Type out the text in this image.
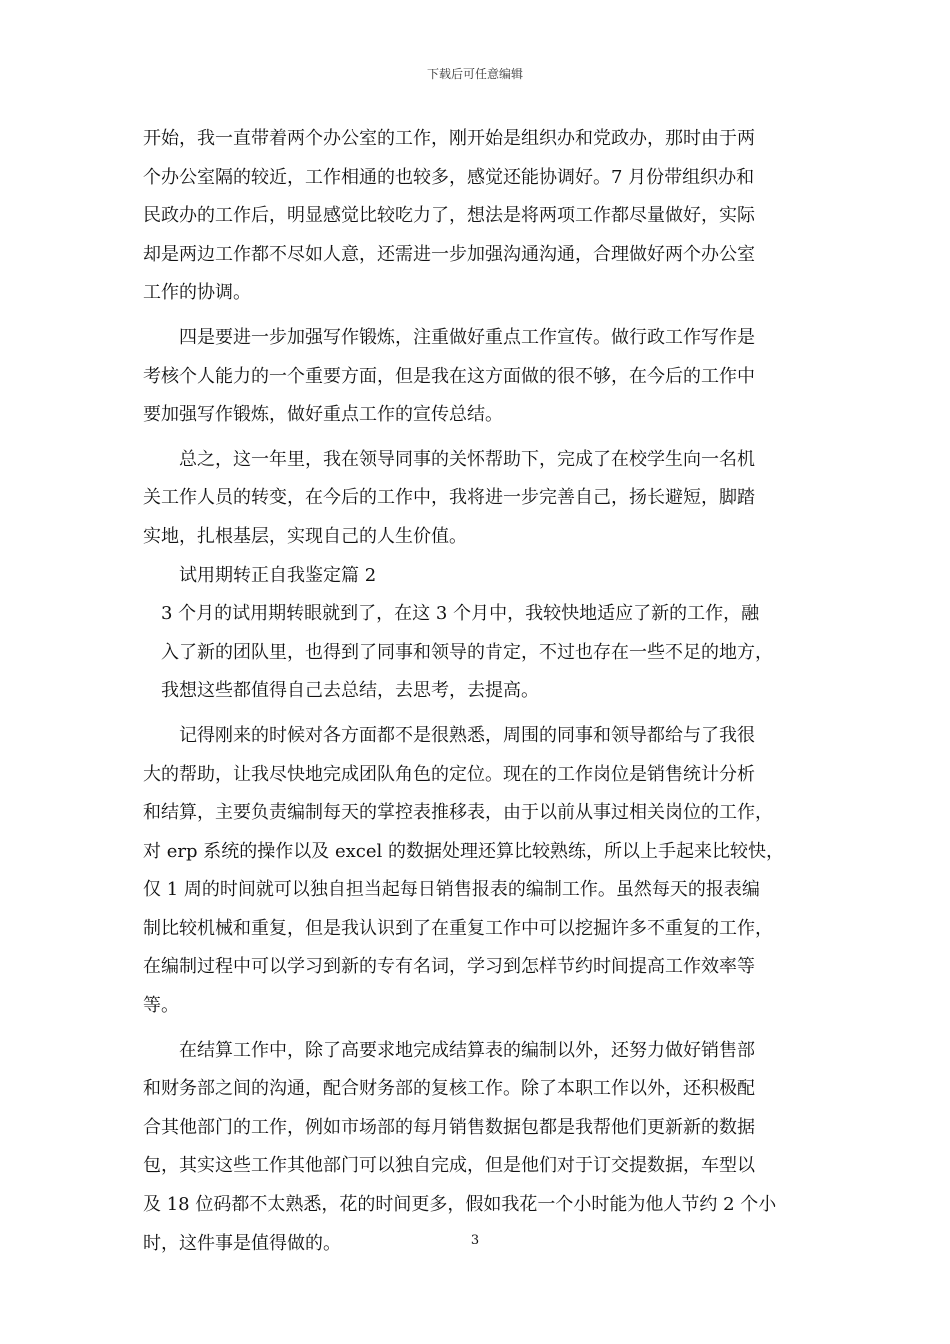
下载后可任意编辑
开始，我一直带着两个办公室的工作，刚开始是组织办和党政办，那时由于两
个办公室隔的较近，工作相通的也较多，感觉还能协调好。7 月份带组织办和
民政办的工作后，明显感觉比较吃力了，想法是将两项工作都尽量做好，实际
却是两边工作都不尽如人意，还需进一步加强沟通沟通，合理做好两个办公室
工作的协调。
　　四是要进一步加强写作锻炼，注重做好重点工作宣传。做行政工作写作是
考核个人能力的一个重要方面，但是我在这方面做的很不够，在今后的工作中
要加强写作锻炼，做好重点工作的宣传总结。
　　总之，这一年里，我在领导同事的关怀帮助下，完成了在校学生向一名机
关工作人员的转变，在今后的工作中，我将进一步完善自己，扬长避短，脚踏
实地，扎根基层，实现自己的人生价值。
　　试用期转正自我鉴定篇 2
　3 个月的试用期转眼就到了，在这 3 个月中，我较快地适应了新的工作，融
　入了新的团队里，也得到了同事和领导的肯定，不过也存在一些不足的地方，
　我想这些都值得自己去总结，去思考，去提高。
　　记得刚来的时候对各方面都不是很熟悉，周围的同事和领导都给与了我很
大的帮助，让我尽快地完成团队角色的定位。现在的工作岗位是销售统计分析
和结算，主要负责编制每天的掌控表推移表，由于以前从事过相关岗位的工作，
对 erp 系统的操作以及 excel 的数据处理还算比较熟练，所以上手起来比较快，
仅 1 周的时间就可以独自担当起每日销售报表的编制工作。虽然每天的报表编
制比较机械和重复，但是我认识到了在重复工作中可以挖掘许多不重复的工作，
在编制过程中可以学习到新的专有名词，学习到怎样节约时间提高工作效率等
等。
　　在结算工作中，除了高要求地完成结算表的编制以外，还努力做好销售部
和财务部之间的沟通，配合财务部的复核工作。除了本职工作以外，还积极配
合其他部门的工作，例如市场部的每月销售数据包都是我帮他们更新新的数据
包，其实这些工作其他部门可以独自完成，但是他们对于订交提数据，车型以
及 18 位码都不太熟悉，花的时间更多，假如我花一个小时能为他人节约 2 个小
时，这件事是值得做的。	3
